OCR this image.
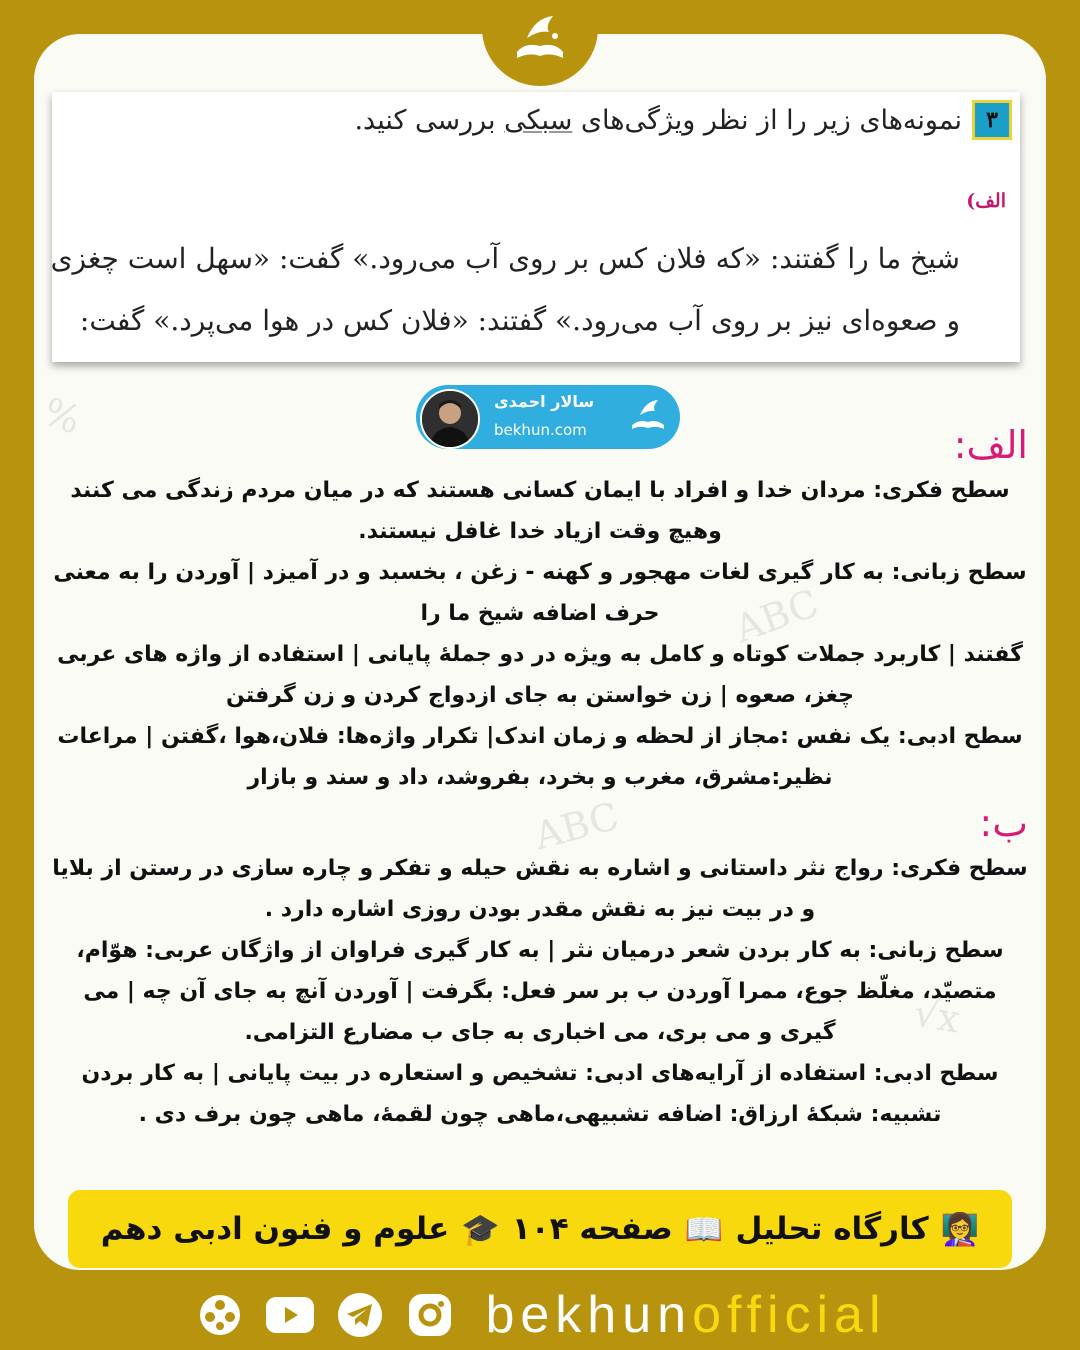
ABC
%
ABC
√x
۳
نمونه‌های زیر را از نظر ویژگی‌های سبکی بررسی کنید.
الف)
شیخ ما را گفتند: «که فلان کس بر روی آب می‌رود.» گفت: «سهل است چغزی
و صعوه‌ای نیز بر روی آب می‌رود.» گفتند: «فلان کس در هوا می‌پرد.» گفت:
سالار احمدی
bekhun.com	الف:

سطح فکری: مردان خدا و افراد با ایمان کسانی هستند که در میان مردم زندگی می کنند وهیچ وقت ازیاد خدا غافل نیستند.

سطح زبانی: به کار گیری لغات مهجور و کهنه - زغن ، بخسبد و در آمیزد | آوردن را به معنی حرف اضافه شیخ ما را

گفتند | کاربرد جملات کوتاه و کامل به ویژه در دو جملهٔ پایانی | استفاده از واژه های عربی چغز، صعوه | زن خواستن به جای ازدواج کردن و زن گرفتن

سطح ادبی: یک نفس :مجاز از لحظه و زمان اندک| تکرار واژه‌ها: فلان،هوا ،گفتن | مراعات نظیر:مشرق، مغرب و بخرد، بفروشد، داد و سند و بازار

ب:

سطح فکری: رواج نثر داستانی و اشاره به نقش حیله و تفکر و چاره سازی در رستن از بلایا و در بیت نیز به نقش مقدر بودن روزی اشاره دارد .

سطح زبانی: به کار بردن شعر درمیان نثر | به کار گیری فراوان از واژگان عربی: هوّام، متصیّد، مغلّظ جوع، ممرا آوردن ب بر سر فعل: بگرفت | آوردن آنچ به جای آن چه | می گیری و می بری، می اخباری به جای ب مضارع التزامی.

سطح ادبی: استفاده از آرایه‌های ادبی: تشخیص و استعاره در بیت پایانی | به کار بردن تشبیه: شبکهٔ ارزاق: اضافه تشبیهی،ماهی چون لقمهٔ، ماهی چون برف دی .

👩‍🏫
کارگاه تحلیل
📖
صفحه ۱۰۴
🎓
علوم و فنون ادبی دهم
bekhunofficial
